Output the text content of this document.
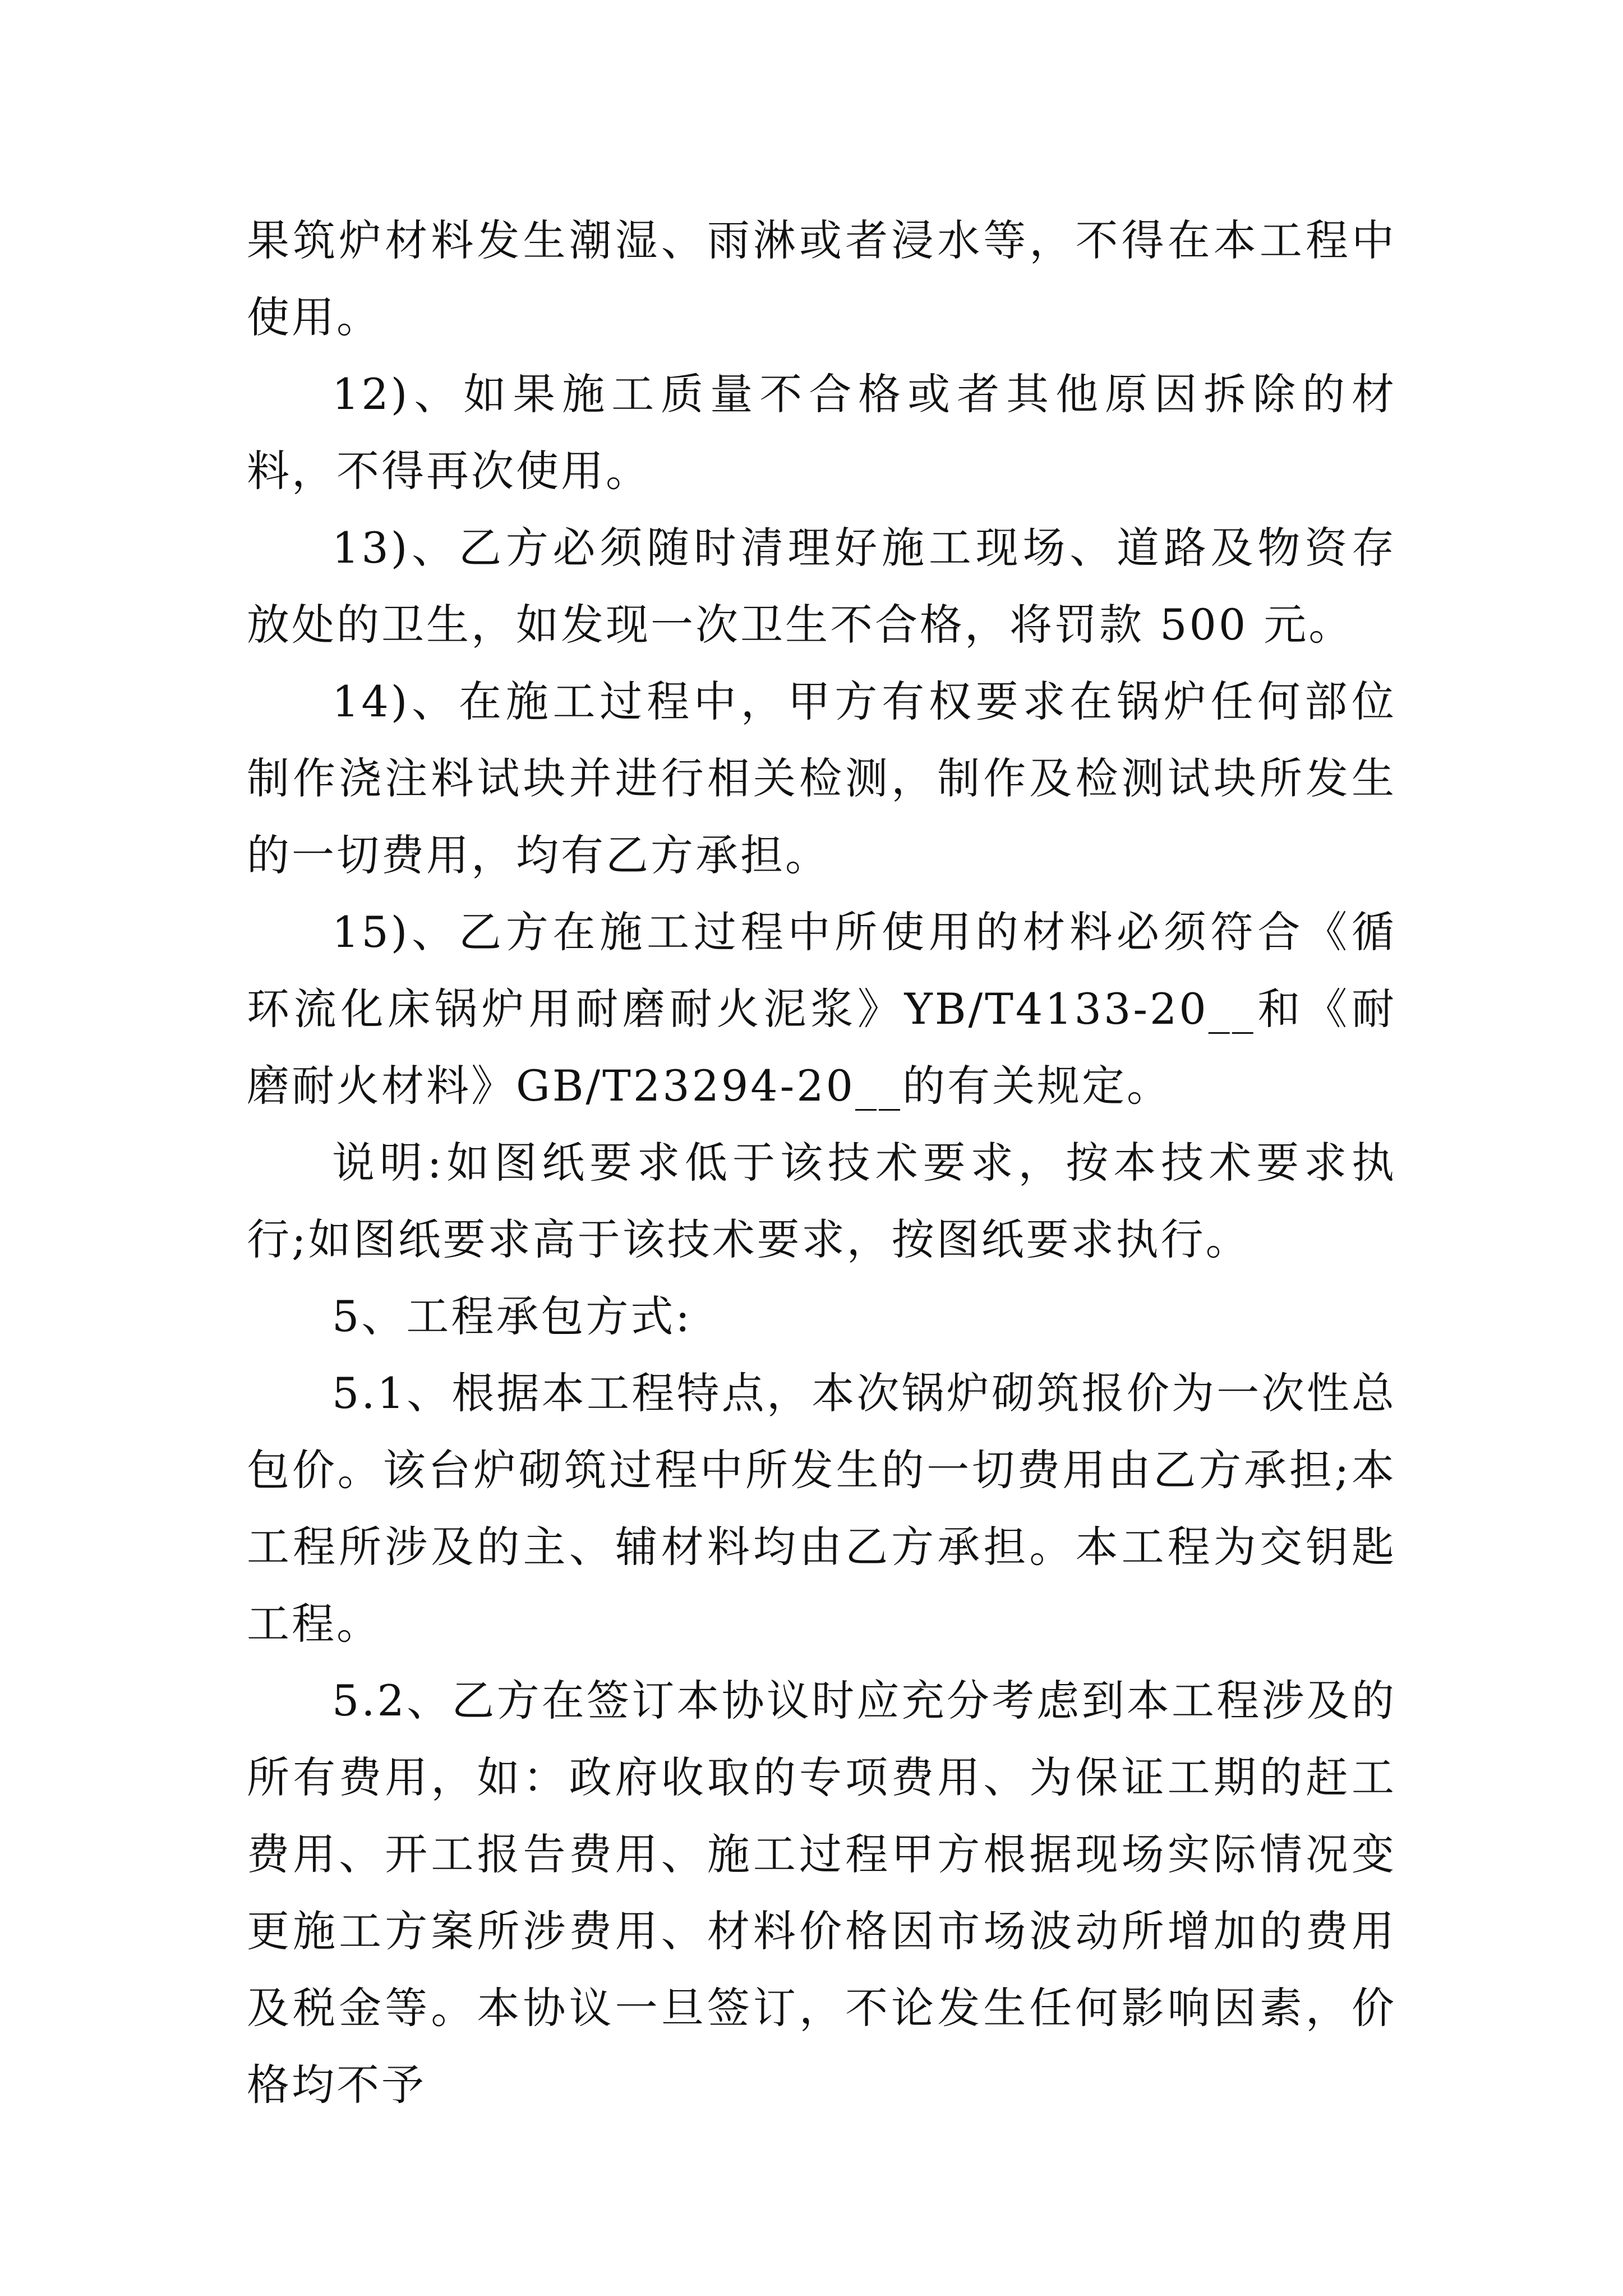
果筑炉材料发生潮湿、雨淋或者浸水等，不得在本工程中使用。

12)、如果施工质量不合格或者其他原因拆除的材料，不得再次使用。

13)、乙方必须随时清理好施工现场、道路及物资存放处的卫生，如发现一次卫生不合格，将罚款 500 元。

14)、在施工过程中，甲方有权要求在锅炉任何部位制作浇注料试块并进行相关检测，制作及检测试块所发生的一切费用，均有乙方承担。

15)、乙方在施工过程中所使用的材料必须符合《循环流化床锅炉用耐磨耐火泥浆》YB/T4133-20__和《耐磨耐火材料》GB/T23294-20__的有关规定。

说明:如图纸要求低于该技术要求，按本技术要求执行;如图纸要求高于该技术要求，按图纸要求执行。

5、工程承包方式:

5.1、根据本工程特点，本次锅炉砌筑报价为一次性总包价。该台炉砌筑过程中所发生的一切费用由乙方承担;本工程所涉及的主、辅材料均由乙方承担。本工程为交钥匙工程。

5.2、乙方在签订本协议时应充分考虑到本工程涉及的所有费用，如：政府收取的专项费用、为保证工期的赶工费用、开工报告费用、施工过程甲方根据现场实际情况变更施工方案所涉费用、材料价格因市场波动所增加的费用及税金等。本协议一旦签订，不论发生任何影响因素，价格均不予
